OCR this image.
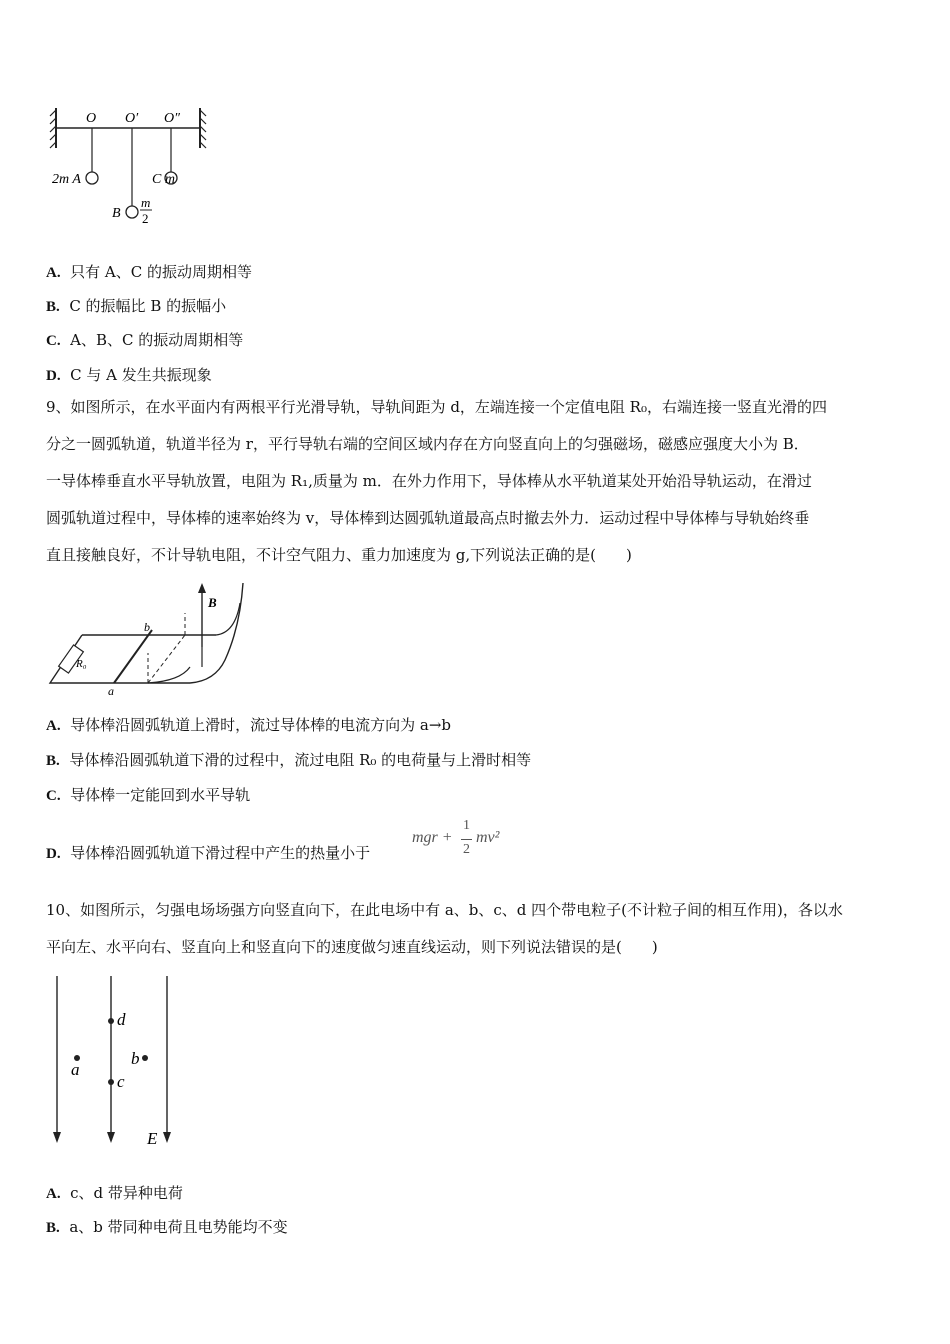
O O′ O″
2m A
B
m
2
C m
A. 只有 A、C 的振动周期相等
B. C 的振幅比 B 的振幅小
C. A、B、C 的振动周期相等
D. C 与 A 发生共振现象
9、如图所示，在水平面内有两根平行光滑导轨，导轨间距为 d，左端连接一个定值电阻 R₀，右端连接一竖直光滑的四
分之一圆弧轨道，轨道半径为 r，平行导轨右端的空间区域内存在方向竖直向上的匀强磁场，磁感应强度大小为 B．
一导体棒垂直水平导轨放置，电阻为 R₁,质量为 m．在外力作用下，导体棒从水平轨道某处开始沿导轨运动，在滑过
圆弧轨道过程中，导体棒的速率始终为 v，导体棒到达圆弧轨道最高点时撤去外力．运动过程中导体棒与导轨始终垂
直且接触良好，不计导轨电阻，不计空气阻力、重力加速度为 g,下列说法正确的是(　　)
B
b
R₀
a
A. 导体棒沿圆弧轨道上滑时，流过导体棒的电流方向为 a→b
B. 导体棒沿圆弧轨道下滑的过程中，流过电阻 R₀ 的电荷量与上滑时相等
C. 导体棒一定能回到水平导轨
D. 导体棒沿圆弧轨道下滑过程中产生的热量小于
mgr +
1
2
mv²
10、如图所示，匀强电场场强方向竖直向下，在此电场中有 a、b、c、d 四个带电粒子(不计粒子间的相互作用)，各以水
平向左、水平向右、竖直向上和竖直向下的速度做匀速直线运动，则下列说法错误的是(　　)
d
a
b
c
E
A. c、d 带异种电荷
B. a、b 带同种电荷且电势能均不变
